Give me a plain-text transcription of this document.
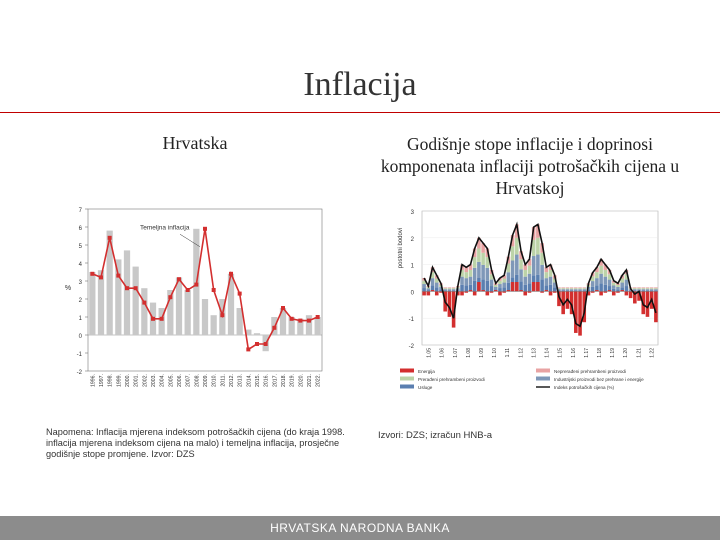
Inflacija
Hrvatska	Godišnje stope inflacije i doprinosi komponenata inflaciji potrošačkih cijena u Hrvatskoj
-2
-1
0
1
2
3
4
5
6
7
%
Temeljna inflacija
1996. 1997. 1998. 1999. 2000. 2001. 2002. 2003. 2004. 2005. 2006. 2007. 2008. 2009. 2010. 2011. 2012. 2013. 2014. 2015. 2016. 2017. 2018. 2019. 2020. 2021. 2022.
3
2
1
0
-1
-2
postotni bodovi
1.05 1.06 1.07 1.08 1.09 1.10 1.11 1.12 1.13 1.14 1.15 1.16 1.17 1.18 1.19 1.20 1.21 1.22
Energija
Prerađeni prehrambeni proizvodi
Usluge
Neprerađeni prehrambeni proizvodi
Industrijski proizvodi bez prehrane i energije
Indeks potrošačkih cijena (%)
Napomena: Inflacija mjerena indeksom potrošačkih cijena (do kraja 1998. inflacija mjerena indeksom cijena na malo) i temeljna inflacija, prosječne godišnje stope promjene. Izvor: DZS
Izvori: DZS; izračun HNB-a
HRVATSKA NARODNA BANKA
